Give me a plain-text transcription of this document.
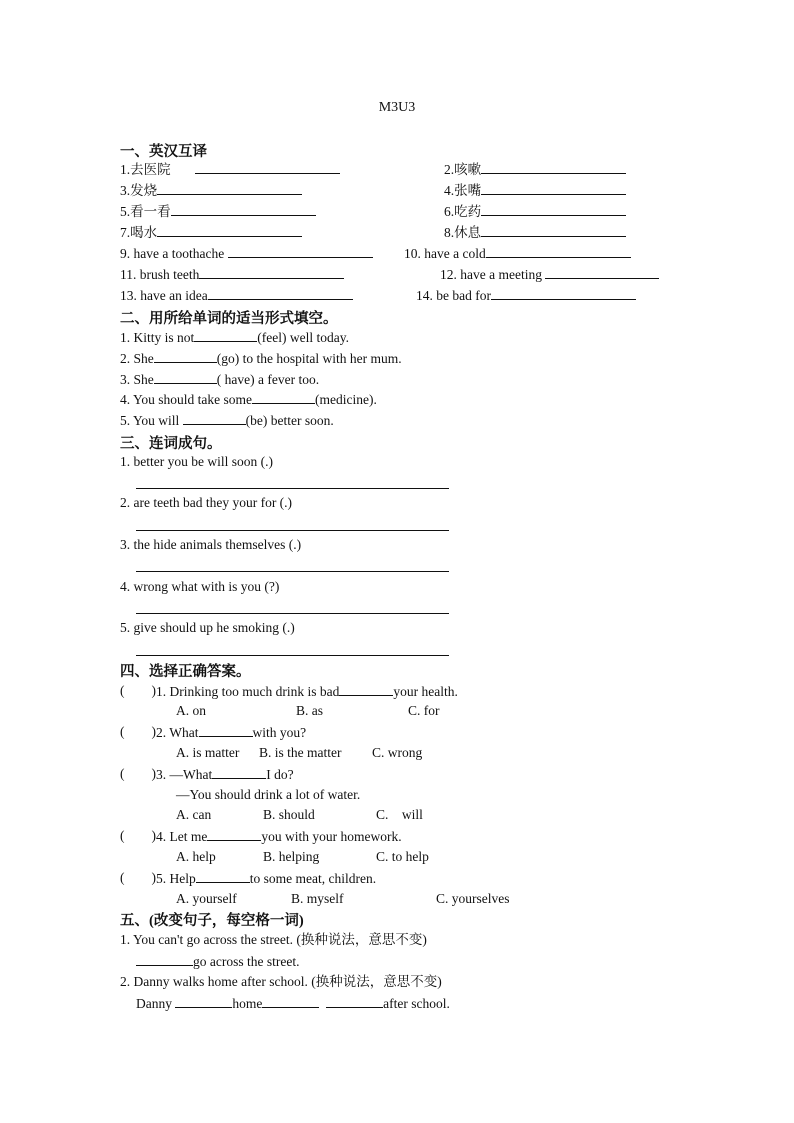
M3U3
一、英汉互译
1.去医院	2.咳嗽
3.发烧	4.张嘴
5.看一看	6.吃药
7.喝水	8.休息
9. have a toothache	10. have a cold
11. brush teeth	12. have a meeting
13. have an idea	14. be bad for
二、用所给单词的适当形式填空。
1. Kitty is not	(feel) well today.
2. She	(go) to the hospital with her mum.
3. She	( have) a fever too.
4. You should take some	(medicine).
5. You will	(be) better soon.
三、连词成句。
1. better you be will soon (.)
2. are teeth bad they your for (.)
3. the hide animals themselves (.)
4. wrong what with is you (?)
5. give should up he smoking (.)
四、选择正确答案。
(        ) 1. Drinking too much drink is bad	your health.
A. on	B. as	C. for
(        ) 2. What	with you?
A. is matter B. is the matter C. wrong
(        ) 3. —What	I do?
—You should drink a lot of water.
A. can	B. should	C.    will
(        ) 4. Let me	you with your homework.
A. help	B. helping	C. to help
(        ) 5. Help	to some meat, children.
A. yourself	B. myself	C. yourselves
五、(改变句子，每空格一词)
1. You can't go across the street. (换种说法，意思不变)
go across the street.
2. Danny walks home after school. (换种说法，意思不变)
Danny	home	after school.
